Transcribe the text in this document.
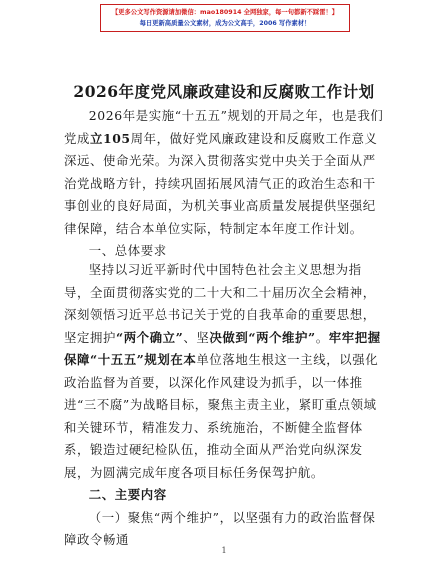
【更多公文写作资源请加微信：mao180914 全网独家，每一句都新不踩雷！】
每日更新高质量公文素材，成为公文高手，2006 写作素材！
2026年度党风廉政建设和反腐败工作计划

2026年是实施“十五五”规划的开局之年，也是我们党成立105周年，做好党风廉政建设和反腐败工作意义深远、使命光荣。为深入贯彻落实党中央关于全面从严治党战略方针，持续巩固拓展风清气正的政治生态和干事创业的良好局面，为机关事业高质量发展提供坚强纪律保障，结合本单位实际，特制定本年度工作计划。

一、总体要求

坚持以习近平新时代中国特色社会主义思想为指导，全面贯彻落实党的二十大和二十届历次全会精神，深刻领悟习近平总书记关于党的自我革命的重要思想，坚定拥护“两个确立”、坚决做到“两个维护”。牢牢把握保障“十五五”规划在本单位落地生根这一主线，以强化政治监督为首要，以深化作风建设为抓手，以一体推进“三不腐”为战略目标，聚焦主责主业，紧盯重点领域和关键环节，精准发力、系统施治，不断健全监督体系，锻造过硬纪检队伍，推动全面从严治党向纵深发展，为圆满完成年度各项目标任务保驾护航。

二、主要内容

（一）聚焦“两个维护”，以坚强有力的政治监督保障政令畅通

1
